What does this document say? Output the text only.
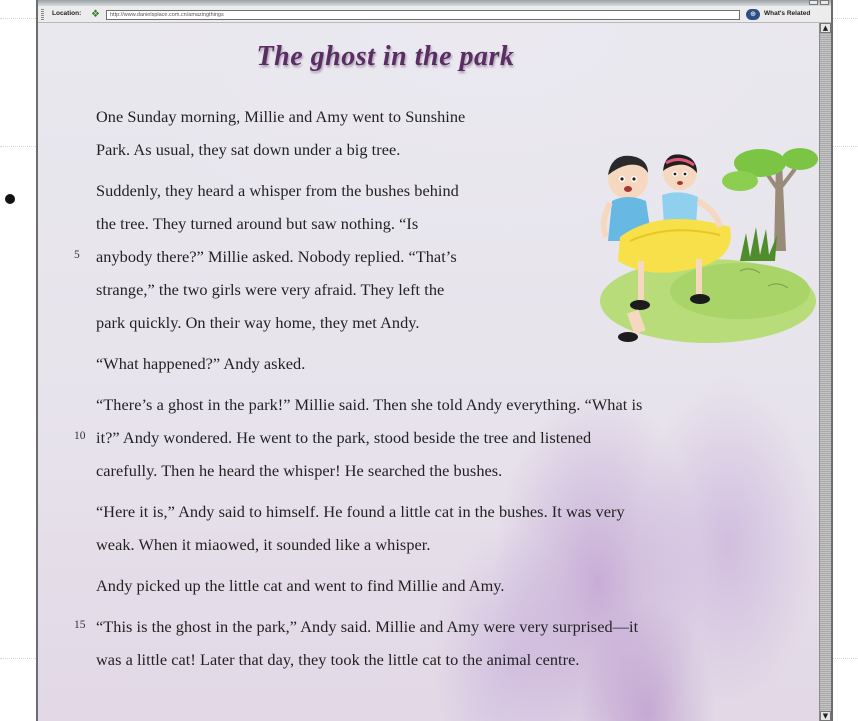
Location: ❖	http://www.danielsplace.com.cn/amazingthings	⊕	What's Related
The ghost in the park
One Sunday morning, Millie and Amy went to Sunshine
Park. As usual, they sat down under a big tree.
Suddenly, they heard a whisper from the bushes behind
the tree. They turned around but saw nothing. “Is
anybody there?” Millie asked. Nobody replied. “That’s
strange,” the two girls were very afraid. They left the
park quickly. On their way home, they met Andy.
“What happened?” Andy asked.
“There’s a ghost in the park!” Millie said. Then she told Andy everything. “What is
it?” Andy wondered. He went to the park, stood beside the tree and listened
carefully. Then he heard the whisper! He searched the bushes.
“Here it is,” Andy said to himself. He found a little cat in the bushes. It was very
weak. When it miaowed, it sounded like a whisper.
Andy picked up the little cat and went to find Millie and Amy.
“This is the ghost in the park,” Andy said. Millie and Amy were very surprised—it
was a little cat! Later that day, they took the little cat to the animal centre.
5
10
15
▲
▼
